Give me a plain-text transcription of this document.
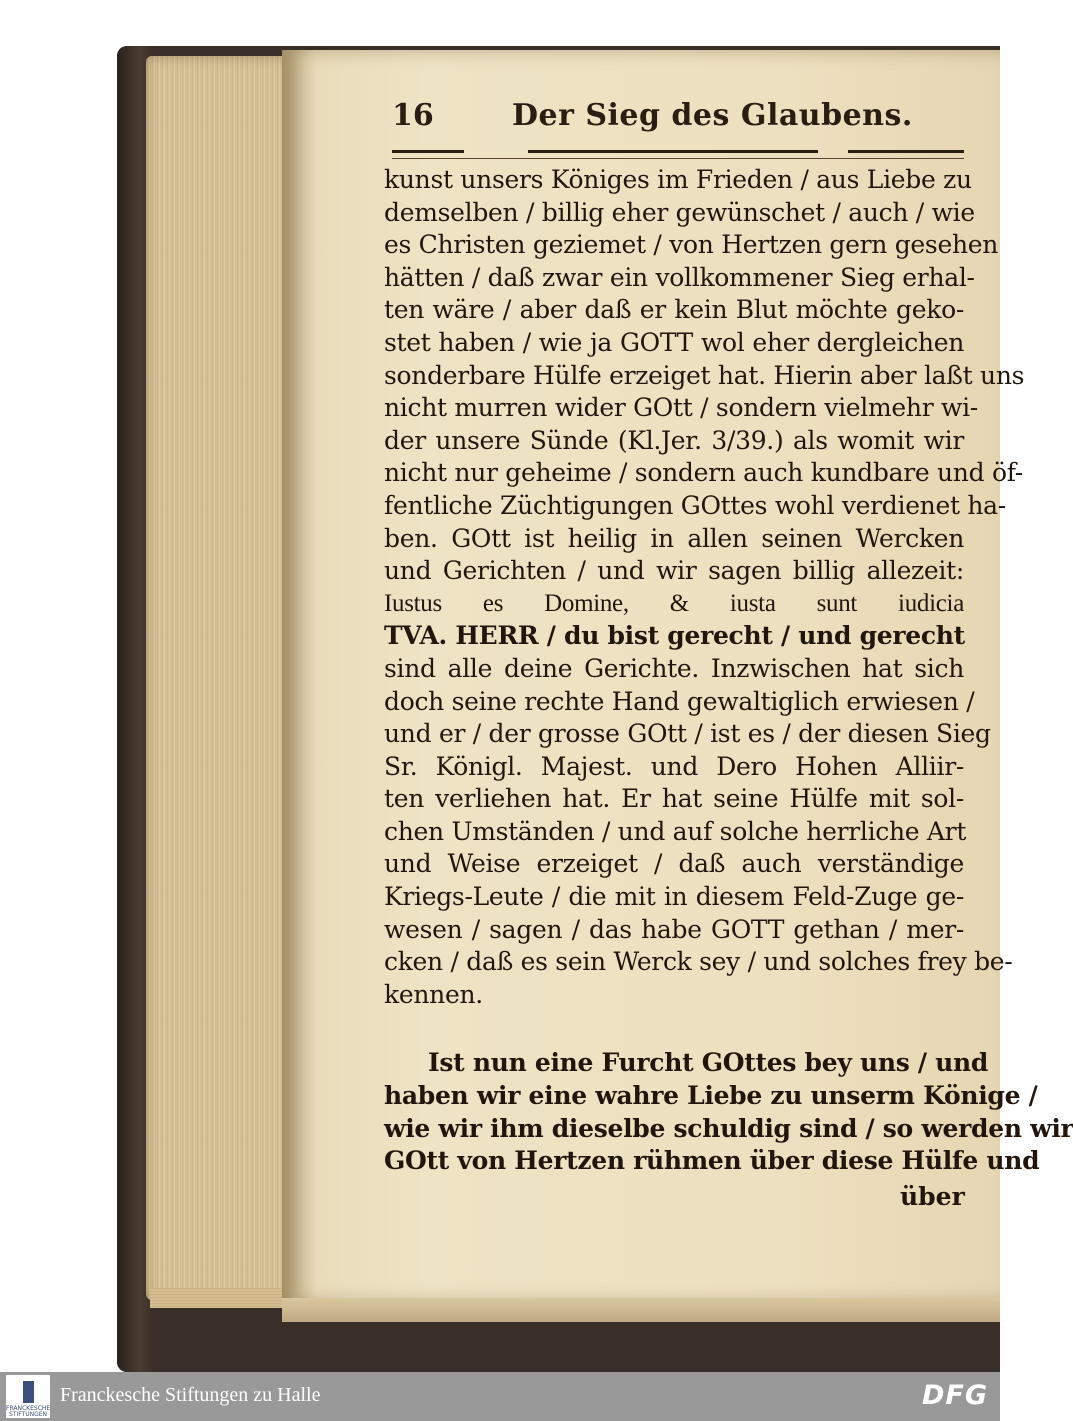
16	Der Sieg des Glaubens.
kunst unsers Königes im Frieden / aus Liebe zu
demselben / billig eher gewünschet / auch / wie
es Christen geziemet / von Hertzen gern gesehen
hätten / daß zwar ein vollkommener Sieg erhal-
ten wäre / aber daß er kein Blut möchte geko-
stet haben / wie ja GOTT wol eher dergleichen
sonderbare Hülfe erzeiget hat. Hierin aber laßt uns
nicht murren wider GOtt / sondern vielmehr wi-
der unsere Sünde (Kl.Jer. 3/39.) als womit wir
nicht nur geheime / sondern auch kundbare und öf-
fentliche Züchtigungen GOttes wohl verdienet ha-
ben. GOtt ist heilig in allen seinen Wercken
und Gerichten / und wir sagen billig allezeit:
Iustus es Domine, & iusta sunt iudicia
TVA. HERR / du bist gerecht / und gerecht
sind alle deine Gerichte. Inzwischen hat sich
doch seine rechte Hand gewaltiglich erwiesen /
und er / der grosse GOtt / ist es / der diesen Sieg
Sr. Königl. Majest. und Dero Hohen Alliir-
ten verliehen hat. Er hat seine Hülfe mit sol-
chen Umständen / und auf solche herrliche Art
und Weise erzeiget / daß auch verständige
Kriegs-Leute / die mit in diesem Feld-Zuge ge-
wesen / sagen / das habe GOTT gethan / mer-
cken / daß es sein Werck sey / und solches frey be-
kennen.
Ist nun eine Furcht GOttes bey uns / und
haben wir eine wahre Liebe zu unserm Könige /
wie wir ihm dieselbe schuldig sind / so werden wir
GOtt von Hertzen rühmen über diese Hülfe und
über
FRANCKESCHE STIFTUNGEN
Franckesche Stiftungen zu Halle	DFG
